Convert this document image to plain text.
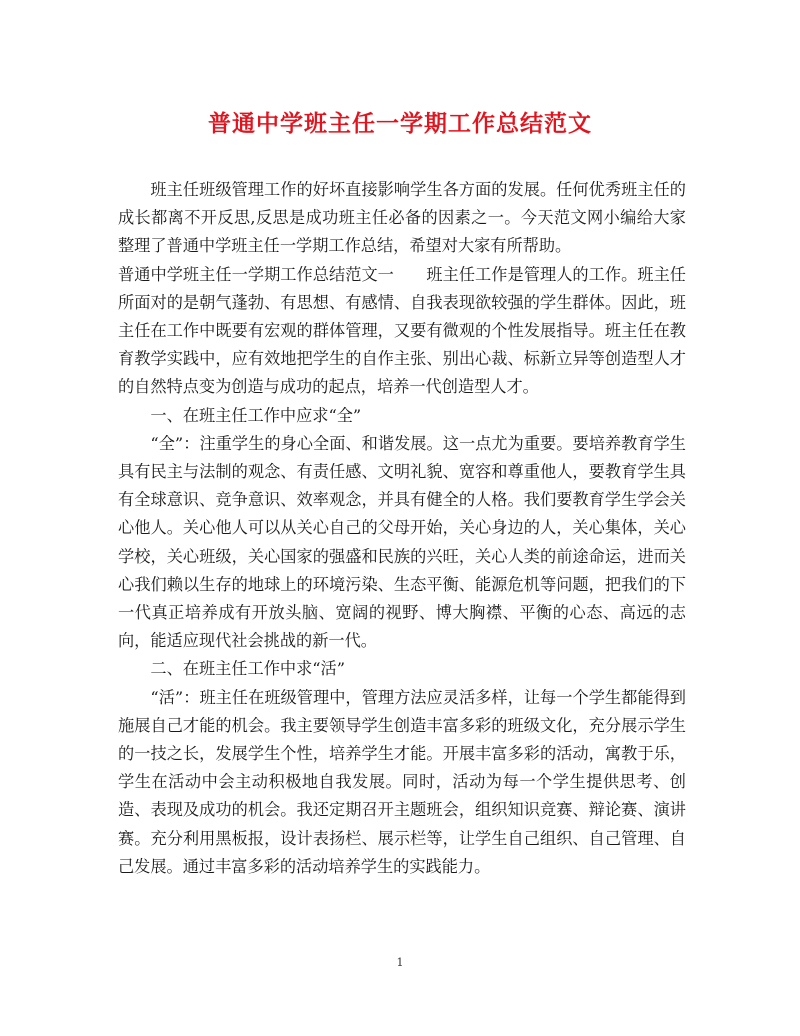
普通中学班主任一学期工作总结范文

班主任班级管理工作的好坏直接影响学生各方面的发展。任何优秀班主任的成长都离不开反思,反思是成功班主任必备的因素之一。今天范文网小编给大家整理了普通中学班主任一学期工作总结，希望对大家有所帮助。

普通中学班主任一学期工作总结范文一　　班主任工作是管理人的工作。班主任所面对的是朝气蓬勃、有思想、有感情、自我表现欲较强的学生群体。因此，班主任在工作中既要有宏观的群体管理，又要有微观的个性发展指导。班主任在教育教学实践中，应有效地把学生的自作主张、别出心裁、标新立异等创造型人才的自然特点变为创造与成功的起点，培养一代创造型人才。

一、在班主任工作中应求“全”

“全”：注重学生的身心全面、和谐发展。这一点尤为重要。要培养教育学生具有民主与法制的观念、有责任感、文明礼貌、宽容和尊重他人，要教育学生具有全球意识、竞争意识、效率观念，并具有健全的人格。我们要教育学生学会关心他人。关心他人可以从关心自己的父母开始，关心身边的人，关心集体，关心学校，关心班级，关心国家的强盛和民族的兴旺，关心人类的前途命运，进而关心我们赖以生存的地球上的环境污染、生态平衡、能源危机等问题，把我们的下一代真正培养成有开放头脑、宽阔的视野、博大胸襟、平衡的心态、高远的志向，能适应现代社会挑战的新一代。

二、在班主任工作中求“活”

“活”：班主任在班级管理中，管理方法应灵活多样，让每一个学生都能得到施展自己才能的机会。我主要领导学生创造丰富多彩的班级文化，充分展示学生的一技之长，发展学生个性，培养学生才能。开展丰富多彩的活动，寓教于乐，学生在活动中会主动积极地自我发展。同时，活动为每一个学生提供思考、创造、表现及成功的机会。我还定期召开主题班会，组织知识竞赛、辩论赛、演讲赛。充分利用黑板报，设计表扬栏、展示栏等，让学生自己组织、自己管理、自己发展。通过丰富多彩的活动培养学生的实践能力。

1
